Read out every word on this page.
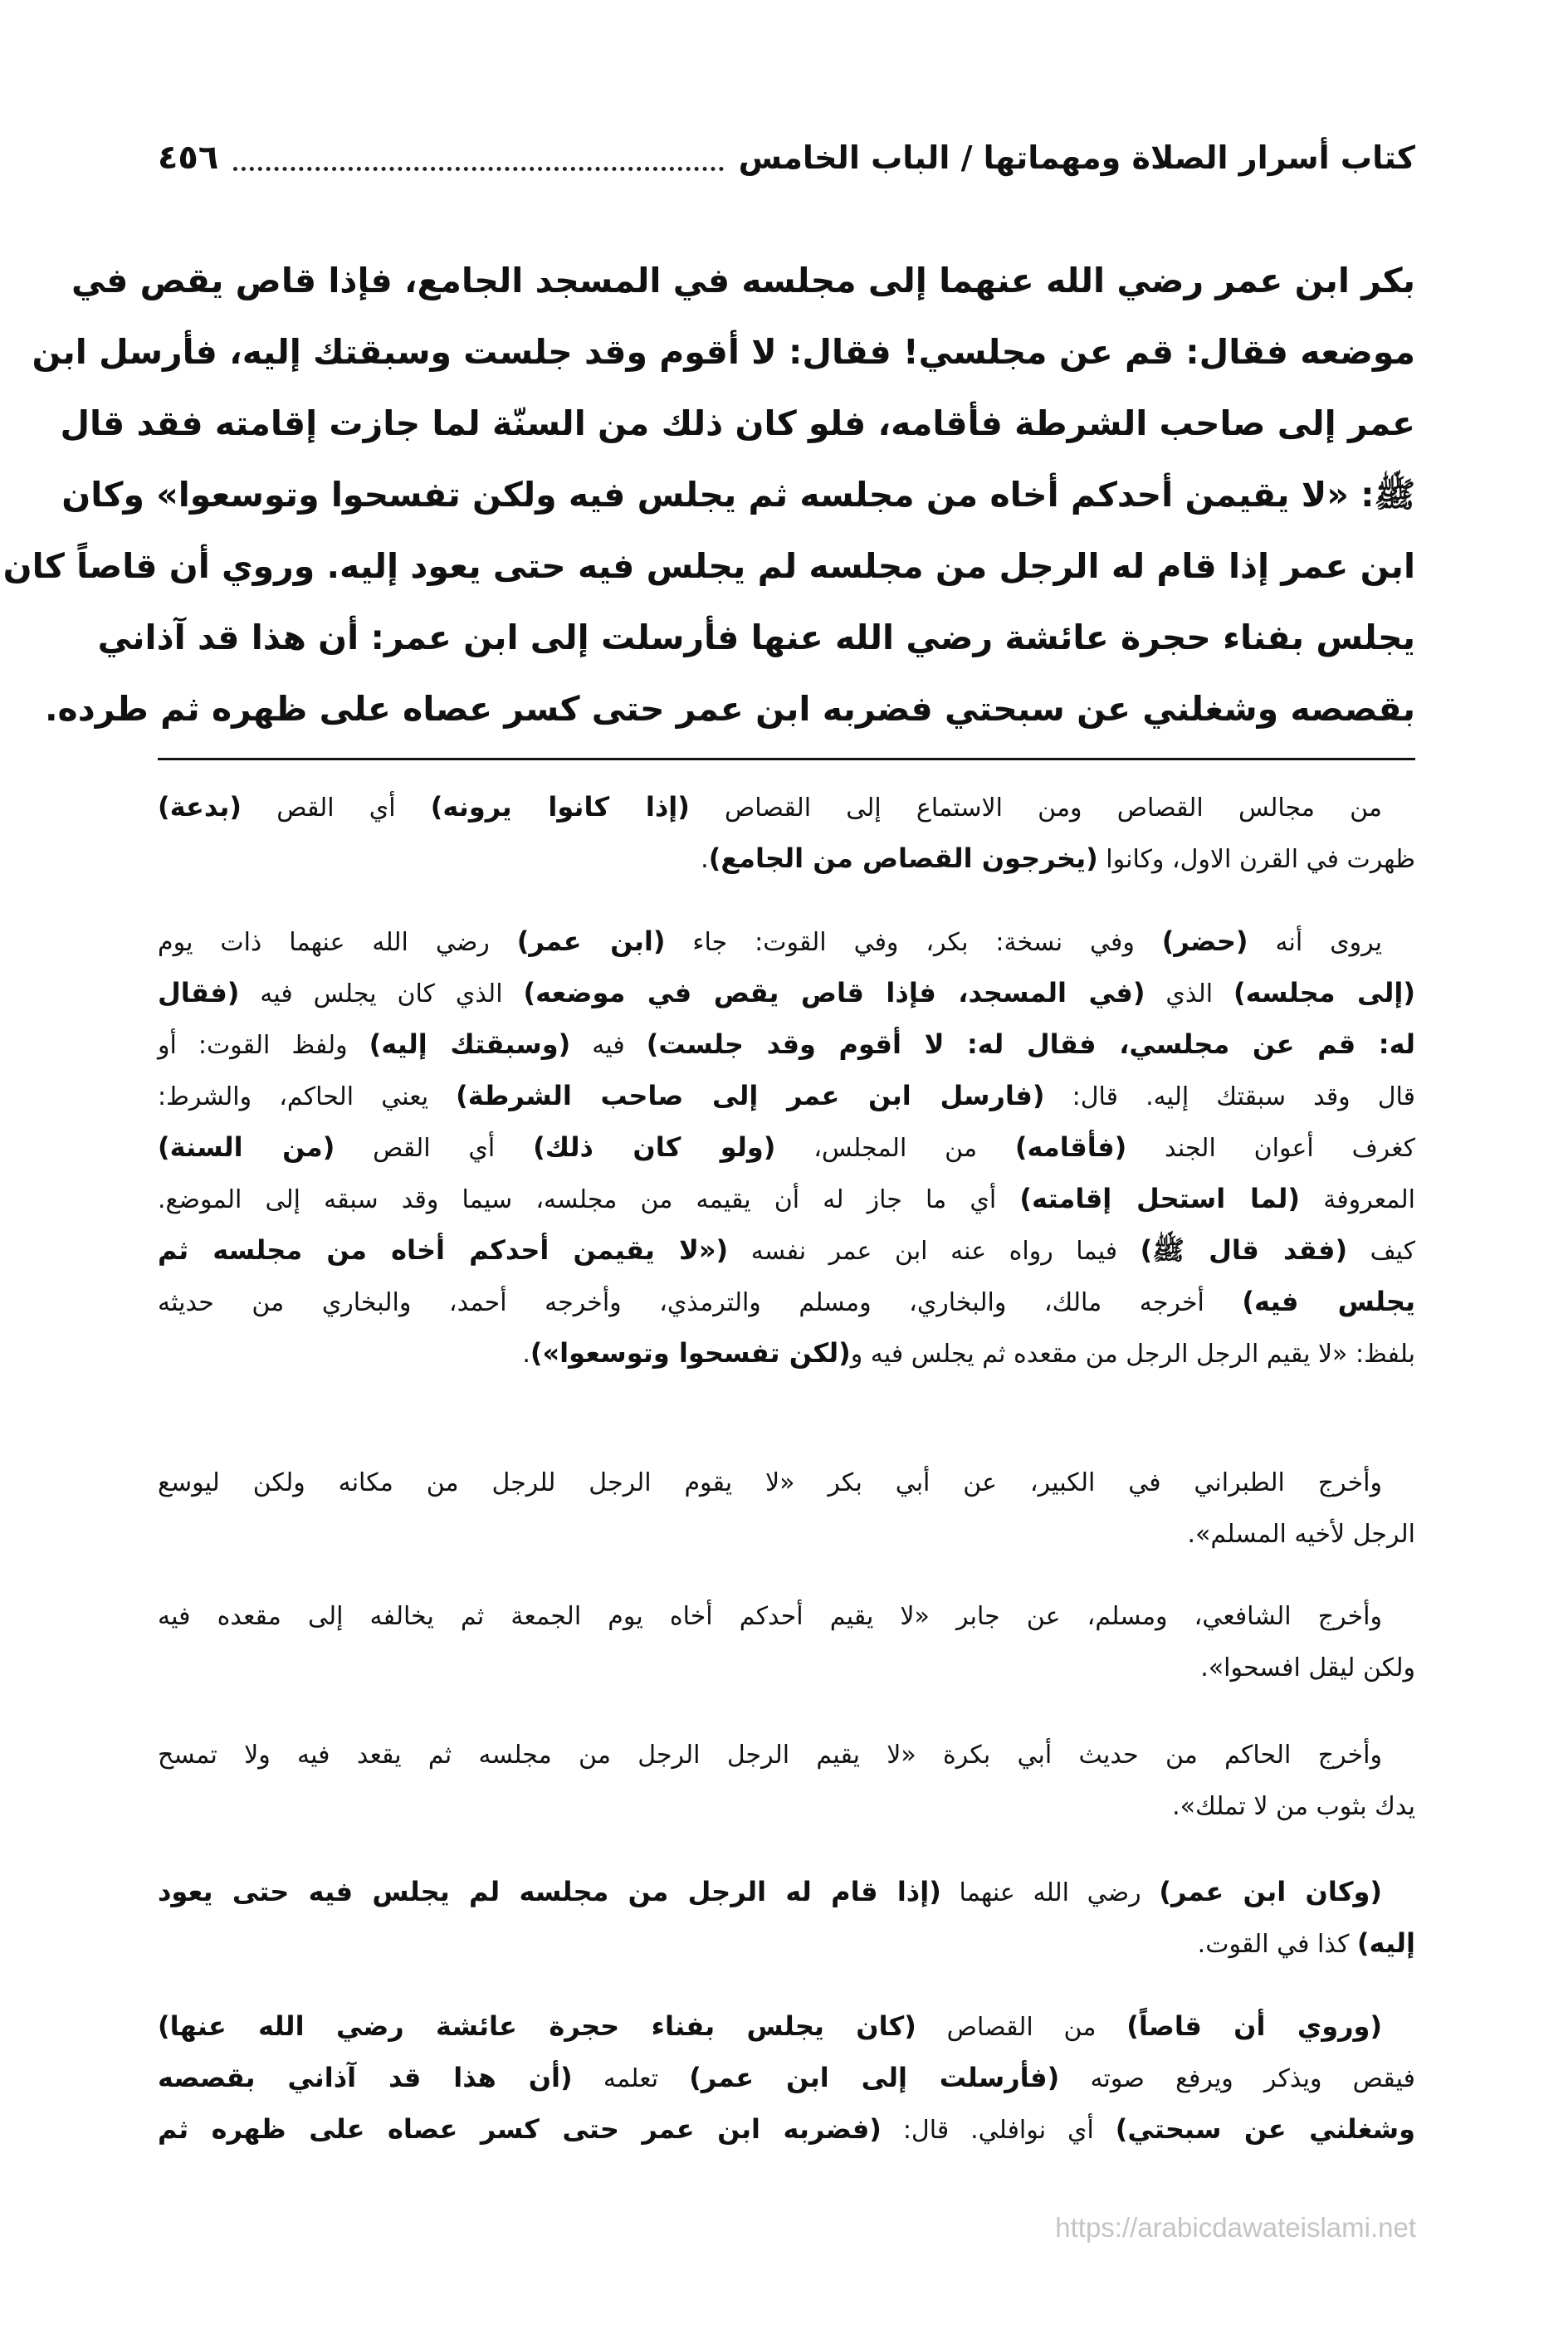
كتاب أسرار الصلاة ومهماتها / الباب الخامس
٤٥٦
بكر ابن عمر رضي الله عنهما إلى مجلسه في المسجد الجامع، فإذا قاص يقص في
موضعه فقال: قم عن مجلسي! فقال: لا أقوم وقد جلست وسبقتك إليه، فأرسل ابن
عمر إلى صاحب الشرطة فأقامه، فلو كان ذلك من السنّة لما جازت إقامته فقد قال
ﷺ: «لا يقيمن أحدكم أخاه من مجلسه ثم يجلس فيه ولكن تفسحوا وتوسعوا» وكان
ابن عمر إذا قام له الرجل من مجلسه لم يجلس فيه حتى يعود إليه. وروي أن قاصاً كان
يجلس بفناء حجرة عائشة رضي الله عنها فأرسلت إلى ابن عمر: أن هذا قد آذاني
بقصصه وشغلني عن سبحتي فضربه ابن عمر حتى كسر عصاه على ظهره ثم طرده.
من مجالس القصاص ومن الاستماع إلى القصاص (إذا كانوا يرونه) أي القص (بدعة)
ظهرت في القرن الاول، وكانوا (يخرجون القصاص من الجامع).
يروى أنه (حضر) وفي نسخة: بكر، وفي القوت: جاء (ابن عمر) رضي الله عنهما ذات يوم
(إلى مجلسه) الذي (في المسجد، فإذا قاص يقص في موضعه) الذي كان يجلس فيه (فقال
له: قم عن مجلسي، فقال له: لا أقوم وقد جلست) فيه (وسبقتك إليه) ولفظ القوت: أو
قال وقد سبقتك إليه. قال: (فارسل ابن عمر إلى صاحب الشرطة) يعني الحاكم، والشرط:
كغرف أعوان الجند (فأقامه) من المجلس، (ولو كان ذلك) أي القص (من السنة)
المعروفة (لما استحل إقامته) أي ما جاز له أن يقيمه من مجلسه، سيما وقد سبقه إلى الموضع.
كيف (فقد قال ﷺ) فيما رواه عنه ابن عمر نفسه («لا يقيمن أحدكم أخاه من مجلسه ثم
يجلس فيه) أخرجه مالك، والبخاري، ومسلم والترمذي، وأخرجه أحمد، والبخاري من حديثه
بلفظ: «لا يقيم الرجل الرجل من مقعده ثم يجلس فيه و(لكن تفسحوا وتوسعوا»).
وأخرج الطبراني في الكبير، عن أبي بكر «لا يقوم الرجل للرجل من مكانه ولكن ليوسع
الرجل لأخيه المسلم».
وأخرج الشافعي، ومسلم، عن جابر «لا يقيم أحدكم أخاه يوم الجمعة ثم يخالفه إلى مقعده فيه
ولكن ليقل افسحوا».
وأخرج الحاكم من حديث أبي بكرة «لا يقيم الرجل الرجل من مجلسه ثم يقعد فيه ولا تمسح
يدك بثوب من لا تملك».
(وكان ابن عمر) رضي الله عنهما (إذا قام له الرجل من مجلسه لم يجلس فيه حتى يعود
إليه) كذا في القوت.
(وروي أن قاصاً) من القصاص (كان يجلس بفناء حجرة عائشة رضي الله عنها)
فيقص ويذكر ويرفع صوته (فأرسلت إلى ابن عمر) تعلمه (أن هذا قد آذاني بقصصه
وشغلني عن سبحتي) أي نوافلي. قال: (فضربه ابن عمر حتى كسر عصاه على ظهره ثم
https://arabicdawateislami.net
